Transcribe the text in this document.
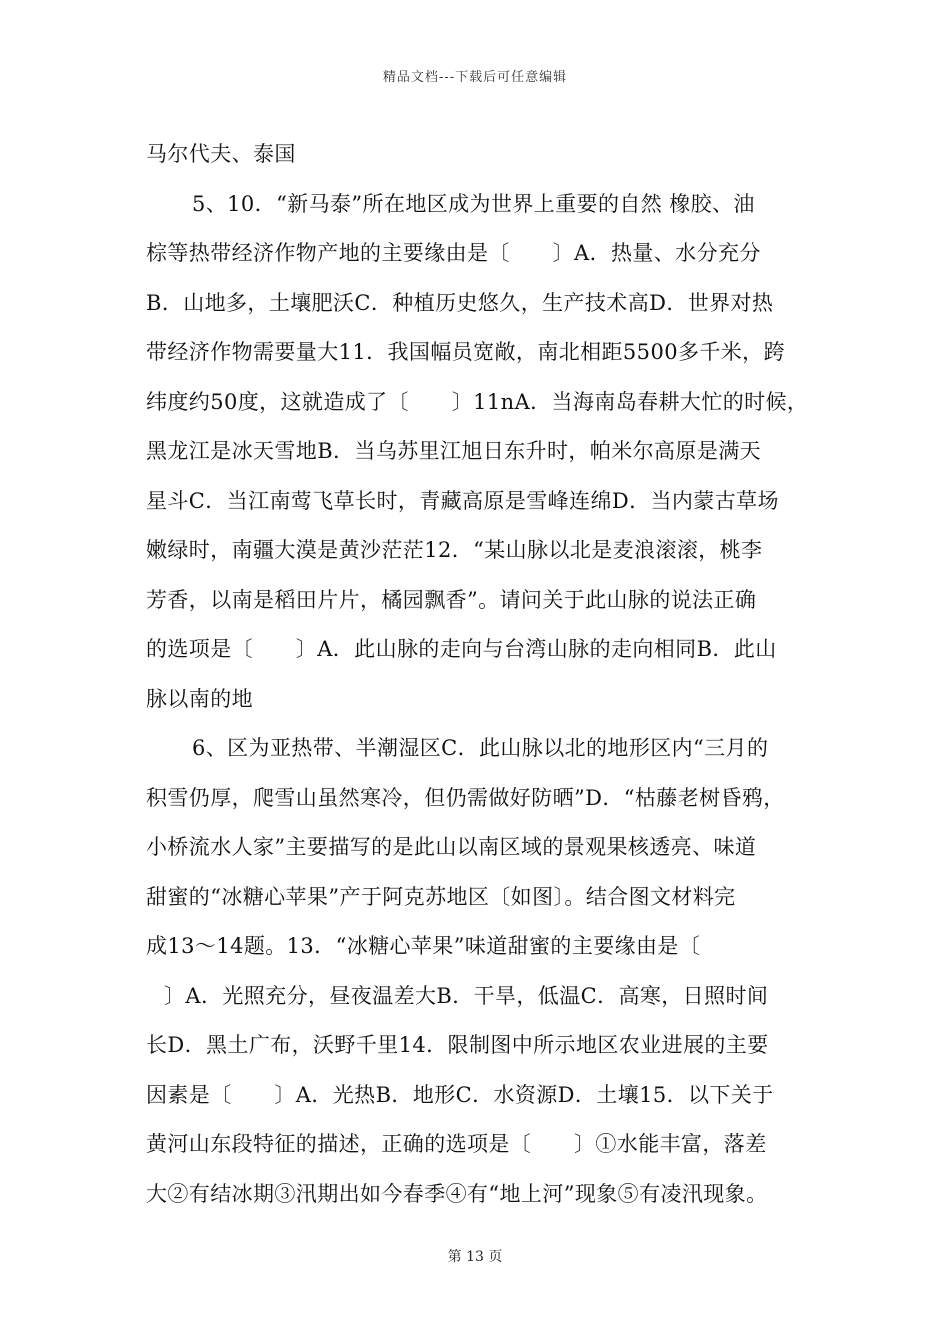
精品文档---下载后可任意编辑
马尔代夫、泰国
5、10．“新马泰”所在地区成为世界上重要的自然 橡胶、油
棕等热带经济作物产地的主要缘由是〔　　〕A．热量、水分充分
B．山地多，土壤肥沃C．种植历史悠久，生产技术高D．世界对热
带经济作物需要量大11．我国幅员宽敞，南北相距5500多千米，跨
纬度约50度，这就造成了〔　　〕11nA．当海南岛春耕大忙的时候，
黑龙江是冰天雪地B．当乌苏里江旭日东升时，帕米尔高原是满天
星斗C．当江南莺飞草长时，青藏高原是雪峰连绵D．当内蒙古草场
嫩绿时，南疆大漠是黄沙茫茫12．“某山脉以北是麦浪滚滚，桃李
芳香，以南是稻田片片，橘园飘香”。请问关于此山脉的说法正确
的选项是〔　　〕A．此山脉的走向与台湾山脉的走向相同B．此山
脉以南的地
6、区为亚热带、半潮湿区C．此山脉以北的地形区内“三月的
积雪仍厚，爬雪山虽然寒冷，但仍需做好防晒”D．“枯藤老树昏鸦，
小桥流水人家”主要描写的是此山以南区域的景观果核透亮、味道
甜蜜的“冰糖心苹果”产于阿克苏地区〔如图〕。结合图文材料完
成13～14题。13．“冰糖心苹果”味道甜蜜的主要缘由是〔
〕A．光照充分，昼夜温差大B．干旱，低温C．高寒，日照时间
长D．黑土广布，沃野千里14．限制图中所示地区农业进展的主要
因素是〔　　〕A．光热B．地形C．水资源D．土壤15．以下关于
黄河山东段特征的描述，正确的选项是〔　　〕①水能丰富，落差
大②有结冰期③汛期出如今春季④有“地上河”现象⑤有凌汛现象。
第 13 页
